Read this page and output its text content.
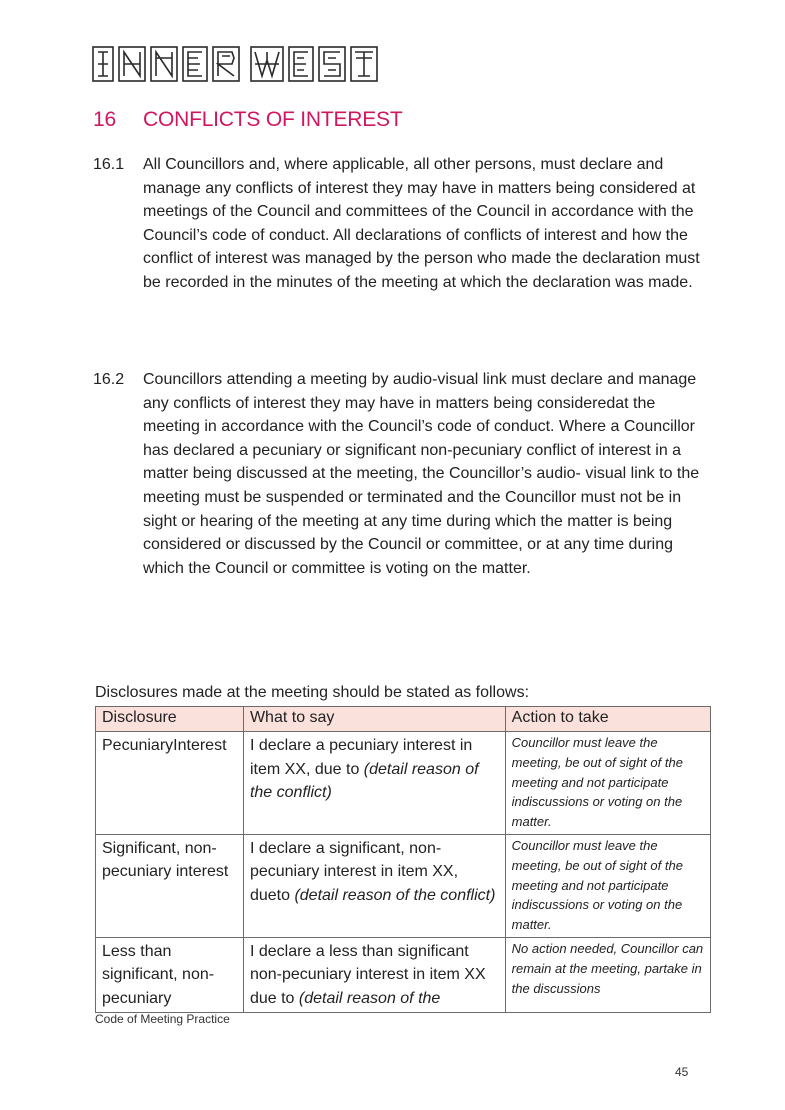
16 CONFLICTS OF INTEREST
16.1	All Councillors and, where applicable, all other persons, must declare and manage any conflicts of interest they may have in matters being considered at meetings of the Council and committees of the Council in accordance with the Council’s code of conduct. All declarations of conflicts of interest and how the conflict of interest was managed by the person who made the declaration must be recorded in the minutes of the meeting at which the declaration was made.
16.2	Councillors attending a meeting by audio-visual link must declare and manage any conflicts of interest they may have in matters being consideredat the meeting in accordance with the Council’s code of conduct. Where a Councillor has declared a pecuniary or significant non-pecuniary conflict of interest in a matter being discussed at the meeting, the Councillor’s audio- visual link to the meeting must be suspended or terminated and the Councillor must not be in sight or hearing of the meeting at any time during which the matter is being considered or discussed by the Council or committee, or at any time during which the Council or committee is voting on the matter.
Disclosures made at the meeting should be stated as follows:
Disclosure	What to say	Action to take
PecuniaryInterest	I declare a pecuniary interest in item XX, due to (detail reason of the conflict)	Councillor must leave the meeting, be out of sight of the meeting and not participate indiscussions or voting on the matter.
Significant, non-pecuniary interest	I declare a significant, non-pecuniary interest in item XX, dueto (detail reason of the conflict)	Councillor must leave the meeting, be out of sight of the meeting and not participate indiscussions or voting on the matter.
Less than significant, non-pecuniary	I declare a less than significant non-pecuniary interest in item XX due to (detail reason of the	No action needed, Councillor can remain at the meeting, partake in the discussions
Code of Meeting Practice
45
